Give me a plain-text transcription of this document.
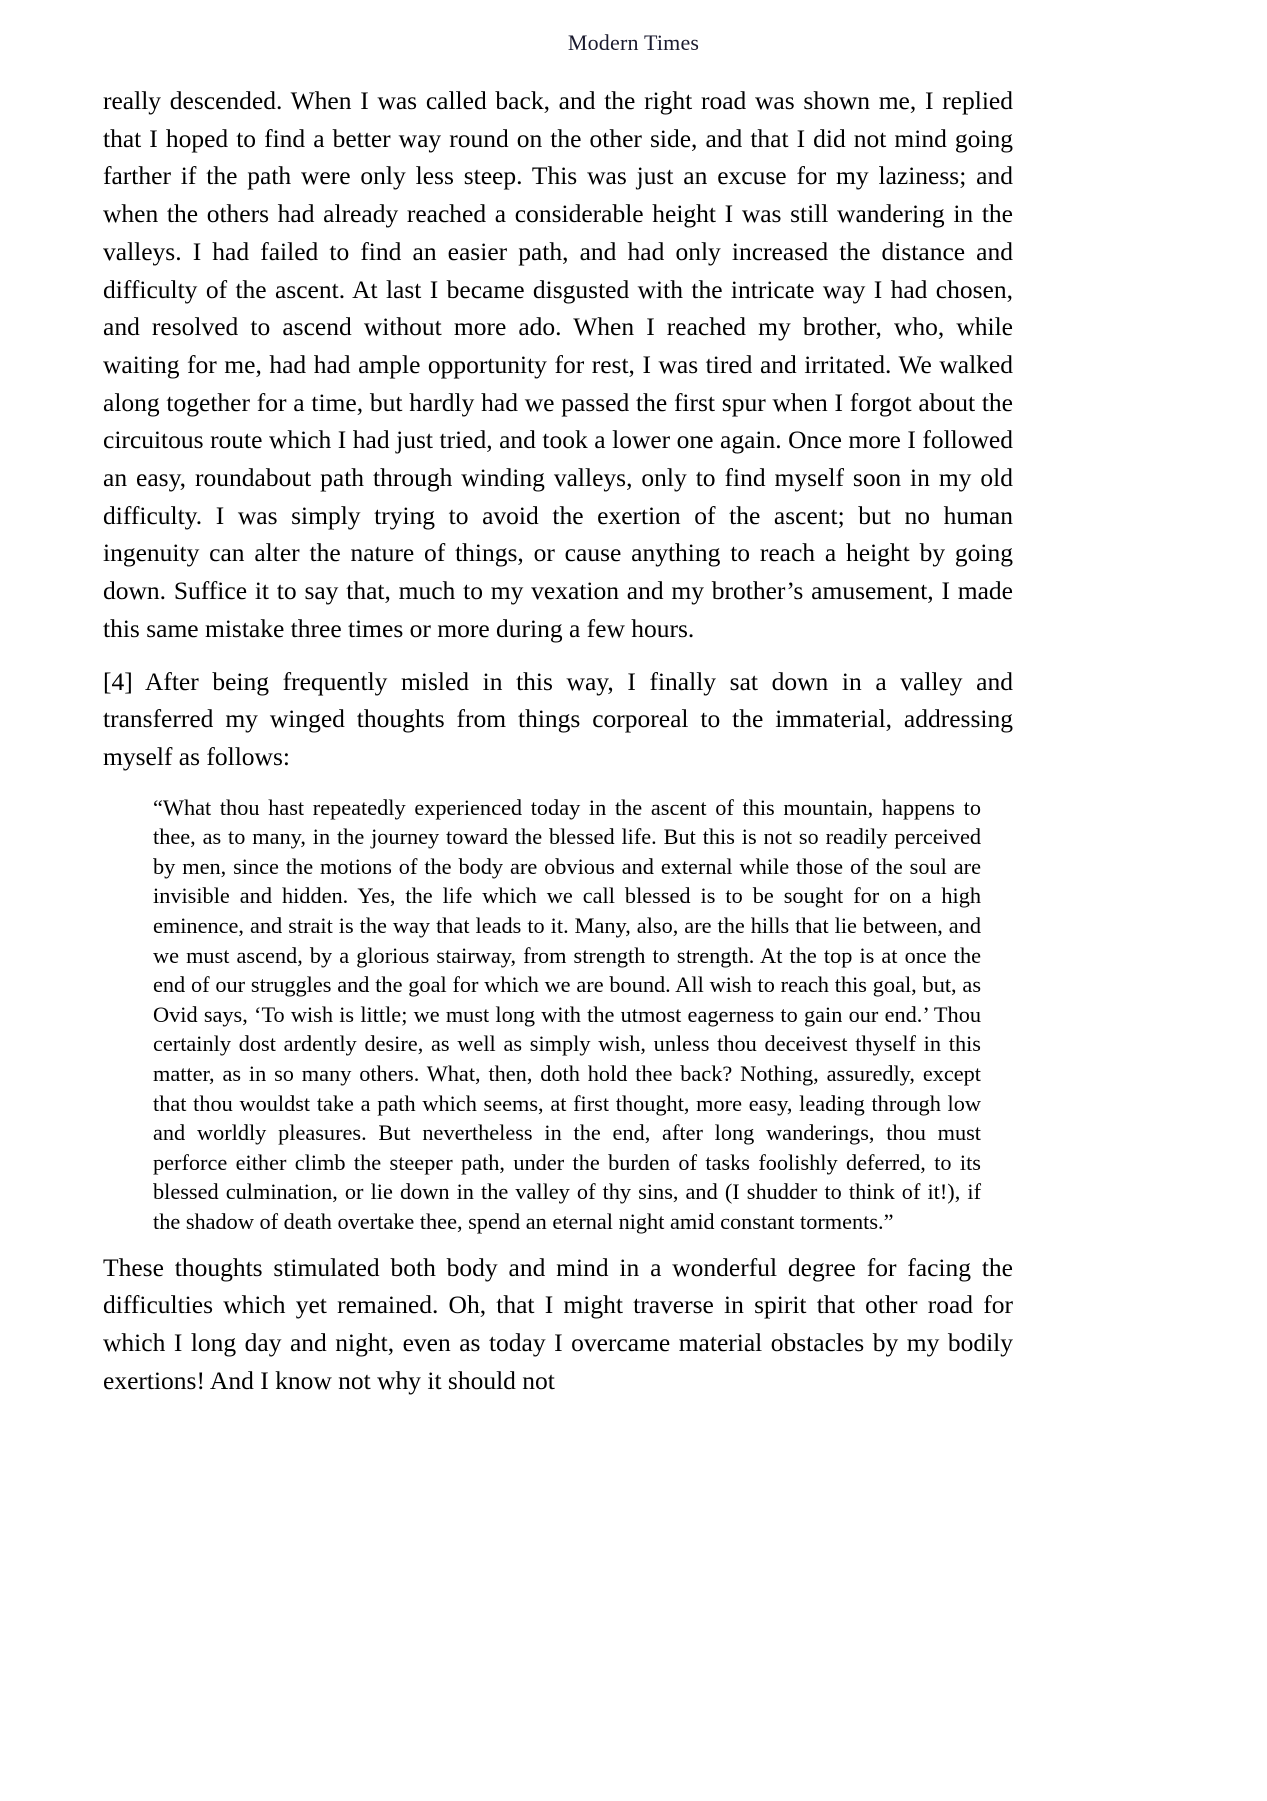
Modern Times

really descended. When I was called back, and the right road was shown me, I replied that I hoped to find a better way round on the other side, and that I did not mind going farther if the path were only less steep. This was just an excuse for my laziness; and when the others had already reached a considerable height I was still wandering in the valleys. I had failed to find an easier path, and had only increased the distance and difficulty of the ascent. At last I became disgusted with the intricate way I had chosen, and resolved to ascend without more ado. When I reached my brother, who, while waiting for me, had had ample opportunity for rest, I was tired and irritated. We walked along together for a time, but hardly had we passed the first spur when I forgot about the circuitous route which I had just tried, and took a lower one again. Once more I followed an easy, roundabout path through winding valleys, only to find myself soon in my old difficulty. I was simply trying to avoid the exertion of the ascent; but no human ingenuity can alter the nature of things, or cause anything to reach a height by going down. Suffice it to say that, much to my vexation and my brother’s amusement, I made this same mistake three times or more during a few hours.

[4] After being frequently misled in this way, I finally sat down in a valley and transferred my winged thoughts from things corporeal to the immaterial, addressing myself as follows:

“What thou hast repeatedly experienced today in the ascent of this mountain, happens to thee, as to many, in the journey toward the blessed life. But this is not so readily perceived by men, since the motions of the body are obvious and external while those of the soul are invisible and hidden. Yes, the life which we call blessed is to be sought for on a high eminence, and strait is the way that leads to it. Many, also, are the hills that lie between, and we must ascend, by a glorious stairway, from strength to strength. At the top is at once the end of our struggles and the goal for which we are bound. All wish to reach this goal, but, as Ovid says, ‘To wish is little; we must long with the utmost eagerness to gain our end.’ Thou certainly dost ardently desire, as well as simply wish, unless thou deceivest thyself in this matter, as in so many others. What, then, doth hold thee back? Nothing, assuredly, except that thou wouldst take a path which seems, at first thought, more easy, leading through low and worldly pleasures. But nevertheless in the end, after long wanderings, thou must perforce either climb the steeper path, under the burden of tasks foolishly deferred, to its blessed culmination, or lie down in the valley of thy sins, and (I shudder to think of it!), if the shadow of death overtake thee, spend an eternal night amid constant torments.”

These thoughts stimulated both body and mind in a wonderful degree for facing the difficulties which yet remained. Oh, that I might traverse in spirit that other road for which I long day and night, even as today I overcame material obstacles by my bodily exertions! And I know not why it should not
